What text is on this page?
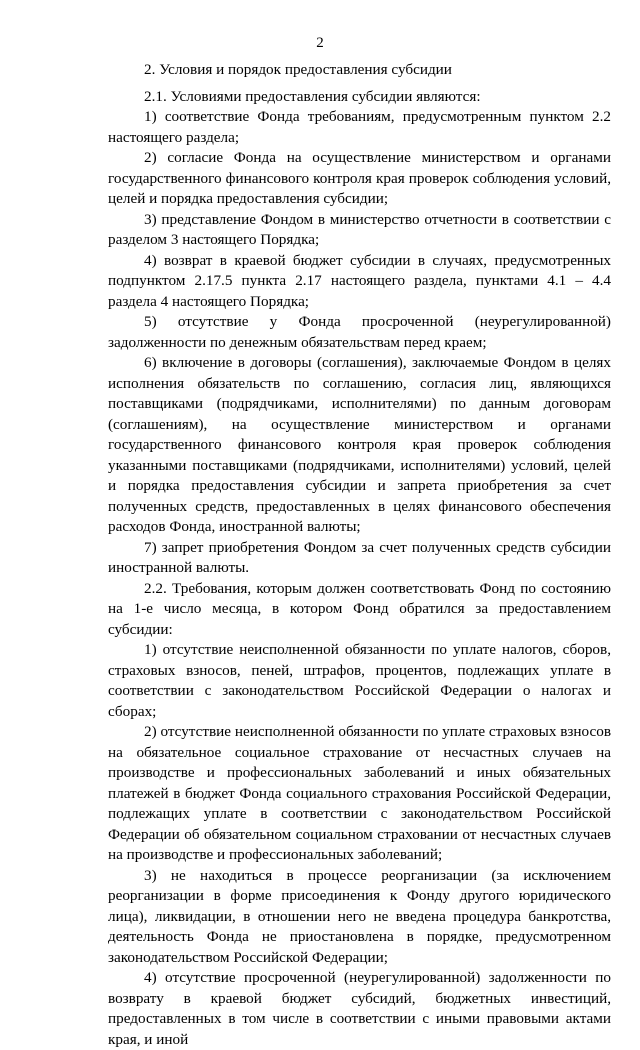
2

2. Условия и порядок предоставления субсидии

2.1. Условиями предоставления субсидии являются:

1) соответствие Фонда требованиям, предусмотренным пунктом 2.2 настоящего раздела;

2) согласие Фонда на осуществление министерством и органами государственного финансового контроля края проверок соблюдения условий, целей и порядка предоставления субсидии;

3) представление Фондом в министерство отчетности в соответствии с разделом 3 настоящего Порядка;

4) возврат в краевой бюджет субсидии в случаях, предусмотренных подпунктом 2.17.5 пункта 2.17 настоящего раздела, пунктами 4.1 – 4.4 раздела 4 настоящего Порядка;

5) отсутствие у Фонда просроченной (неурегулированной) задолженности по денежным обязательствам перед краем;

6) включение в договоры (соглашения), заключаемые Фондом в целях исполнения обязательств по соглашению, согласия лиц, являющихся поставщиками (подрядчиками, исполнителями) по данным договорам (соглашениям), на осуществление министерством и органами государственного финансового контроля края проверок соблюдения указанными поставщиками (подрядчиками, исполнителями) условий, целей и порядка предоставления субсидии и запрета приобретения за счет полученных средств, предоставленных в целях финансового обеспечения расходов Фонда, иностранной валюты;

7) запрет приобретения Фондом за счет полученных средств субсидии иностранной валюты.

2.2. Требования, которым должен соответствовать Фонд по состоянию на 1-е число месяца, в котором Фонд обратился за предоставлением субсидии:

1) отсутствие неисполненной обязанности по уплате налогов, сборов, страховых взносов, пеней, штрафов, процентов, подлежащих уплате в соответствии с законодательством Российской Федерации о налогах и сборах;

2) отсутствие неисполненной обязанности по уплате страховых взносов на обязательное социальное страхование от несчастных случаев на производстве и профессиональных заболеваний и иных обязательных платежей в бюджет Фонда социального страхования Российской Федерации, подлежащих уплате в соответствии с законодательством Российской Федерации об обязательном социальном страховании от несчастных случаев на производстве и профессиональных заболеваний;

3) не находиться в процессе реорганизации (за исключением реорганизации в форме присоединения к Фонду другого юридического лица), ликвидации, в отношении него не введена процедура банкротства, деятельность Фонда не приостановлена в порядке, предусмотренном законодательством Российской Федерации;

4) отсутствие просроченной (неурегулированной) задолженности по возврату в краевой бюджет субсидий, бюджетных инвестиций, предоставленных в том числе в соответствии с иными правовыми актами края, и иной
